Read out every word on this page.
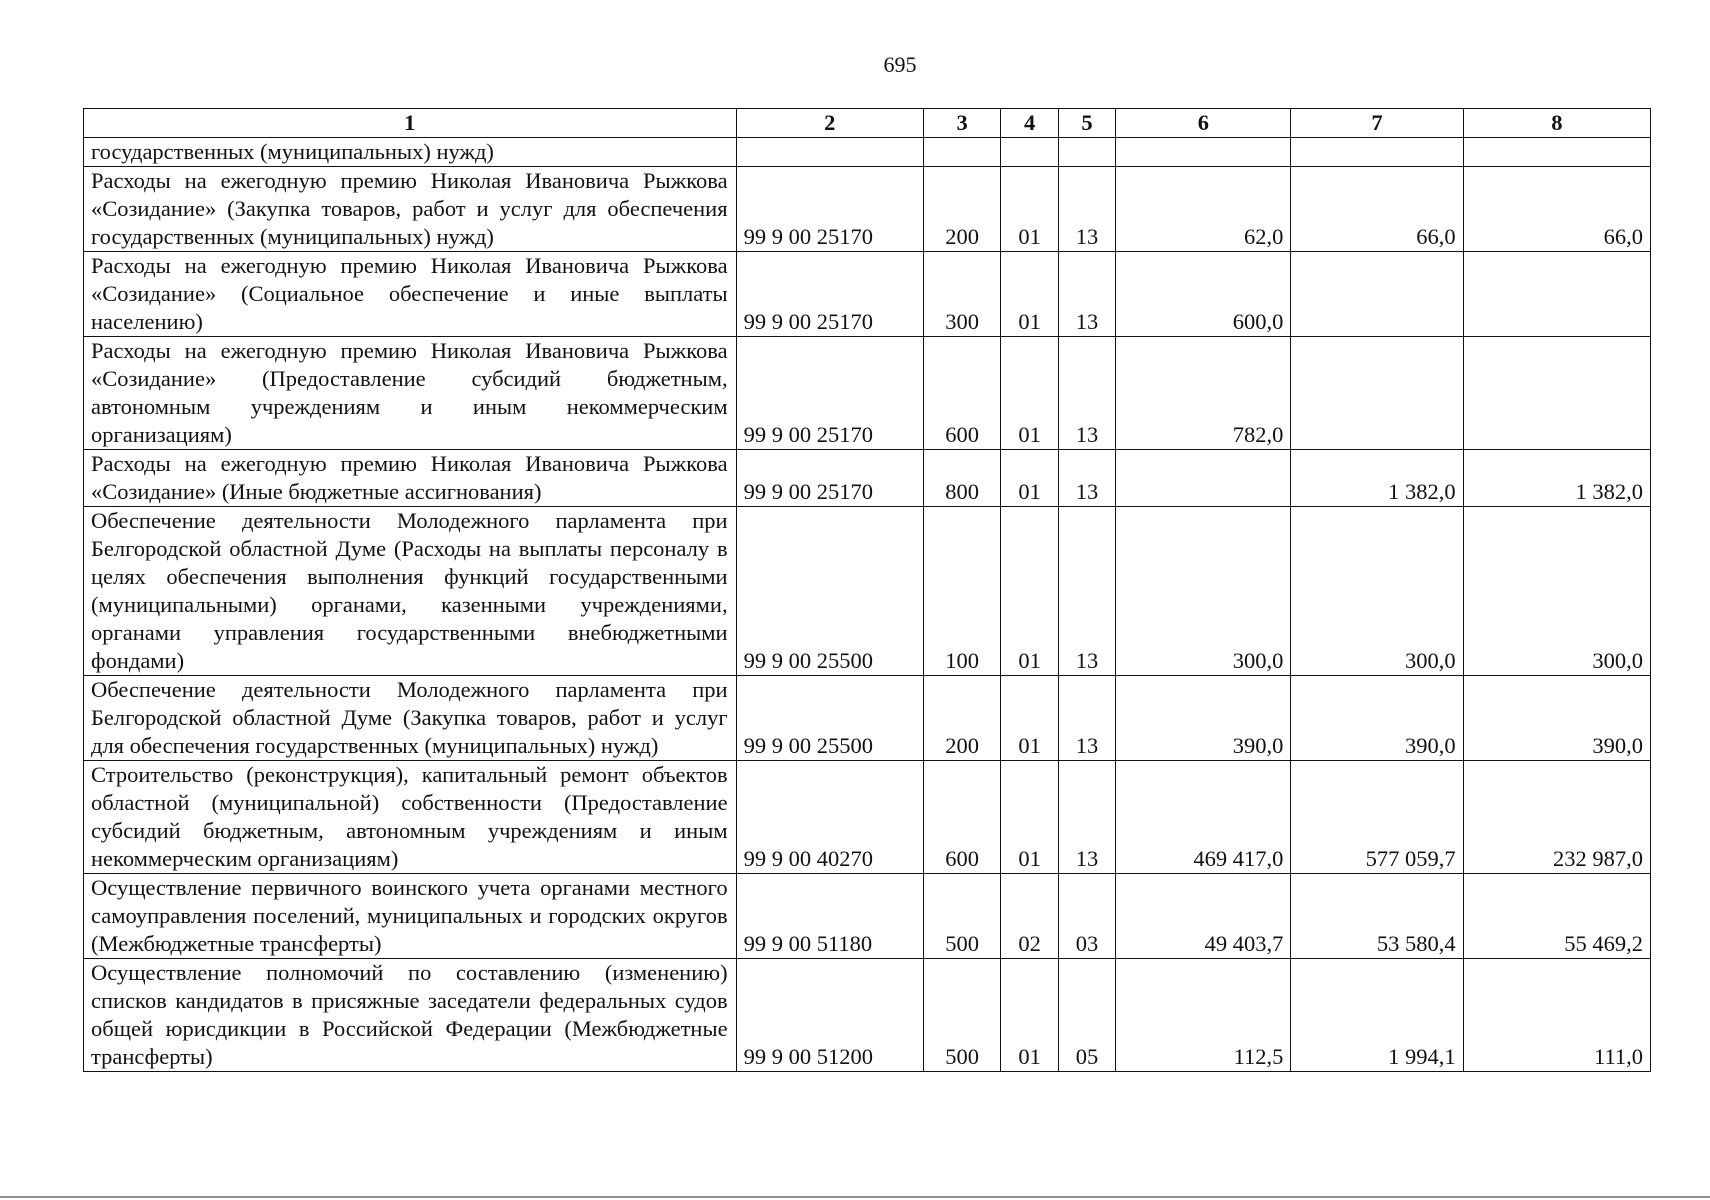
695
1	2	3	4	5	6	7	8
государственных (муниципальных) нужд)							
Расходы на ежегодную премию Николая Ивановича Рыжкова «Созидание» (Закупка товаров, работ и услуг для обеспечения государственных (муниципальных) нужд)	99 9 00 25170	200	01	13	62,0	66,0	66,0
Расходы на ежегодную премию Николая Ивановича Рыжкова «Созидание» (Социальное обеспечение и иные выплаты населению)	99 9 00 25170	300	01	13	600,0		
Расходы на ежегодную премию Николая Ивановича Рыжкова «Созидание» (Предоставление субсидий бюджетным, автономным учреждениям и иным некоммерческим организациям)	99 9 00 25170	600	01	13	782,0		
Расходы на ежегодную премию Николая Ивановича Рыжкова «Созидание» (Иные бюджетные ассигнования)	99 9 00 25170	800	01	13		1 382,0	1 382,0
Обеспечение деятельности Молодежного парламента при Белгородской областной Думе (Расходы на выплаты персоналу в целях обеспечения выполнения функций государственными (муниципальными) органами, казенными учреждениями, органами управления государственными внебюджетными фондами)	99 9 00 25500	100	01	13	300,0	300,0	300,0
Обеспечение деятельности Молодежного парламента при Белгородской областной Думе (Закупка товаров, работ и услуг для обеспечения государственных (муниципальных) нужд)	99 9 00 25500	200	01	13	390,0	390,0	390,0
Строительство (реконструкция), капитальный ремонт объектов областной (муниципальной) собственности (Предоставление субсидий бюджетным, автономным учреждениям и иным некоммерческим организациям)	99 9 00 40270	600	01	13	469 417,0	577 059,7	232 987,0
Осуществление первичного воинского учета органами местного самоуправления поселений, муниципальных и городских округов (Межбюджетные трансферты)	99 9 00 51180	500	02	03	49 403,7	53 580,4	55 469,2
Осуществление полномочий по составлению (изменению) списков кандидатов в присяжные заседатели федеральных судов общей юрисдикции в Российской Федерации (Межбюджетные трансферты)	99 9 00 51200	500	01	05	112,5	1 994,1	111,0
